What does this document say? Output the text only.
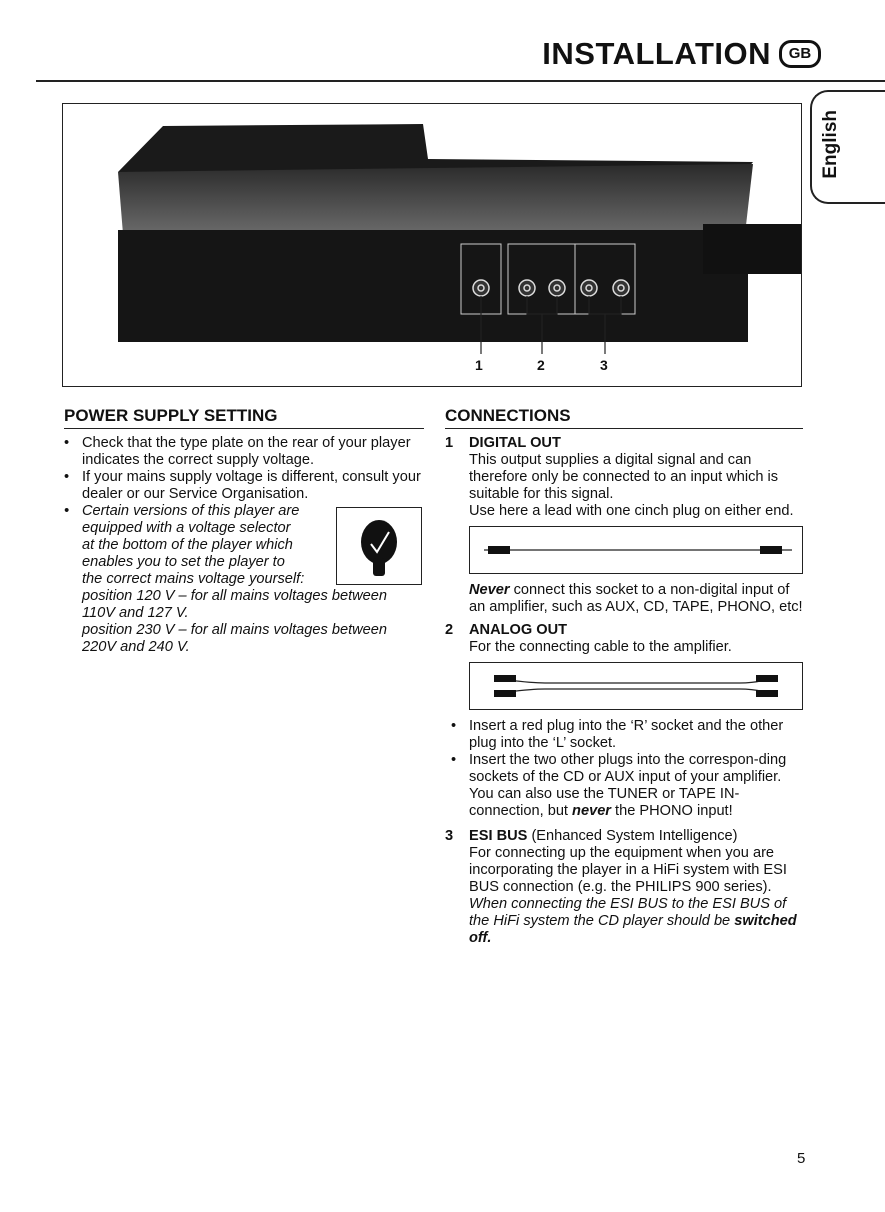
INSTALLATION	GB
English
1	2	3
POWER SUPPLY SETTING

• Check that the type plate on the rear of your player indicates the correct supply voltage.

• If your mains supply voltage is different, consult your dealer or our Service Organisation.

• Certain versions of this player are
equipped with a voltage selector
at the bottom of the player which
enables you to set the player to
the correct mains voltage yourself:
position 120 V – for all mains voltages between
110V and 127 V.
position 230 V – for all mains voltages between
220V and 240 V.
CONNECTIONS
1 DIGITAL OUT

This output supplies a digital signal and can therefore only be connected to an input which is suitable for this signal.

Use here a lead with one cinch plug on either end.

Never connect this socket to a non-digital input of an amplifier, such as AUX, CD, TAPE, PHONO, etc!

2 ANALOG OUT

For the connecting cable to the amplifier.

• Insert a red plug into the ‘R’ socket and the other plug into the ‘L’ socket.

• Insert the two other plugs into the correspon-ding sockets of the CD or AUX input of your amplifier.

You can also use the TUNER or TAPE IN-connection, but never the PHONO input!

3 ESI BUS (Enhanced System Intelligence)

For connecting up the equipment when you are incorporating the player in a HiFi system with ESI BUS connection (e.g. the PHILIPS 900 series).

When connecting the ESI BUS to the ESI BUS of the HiFi system the CD player should be switched off.

5
